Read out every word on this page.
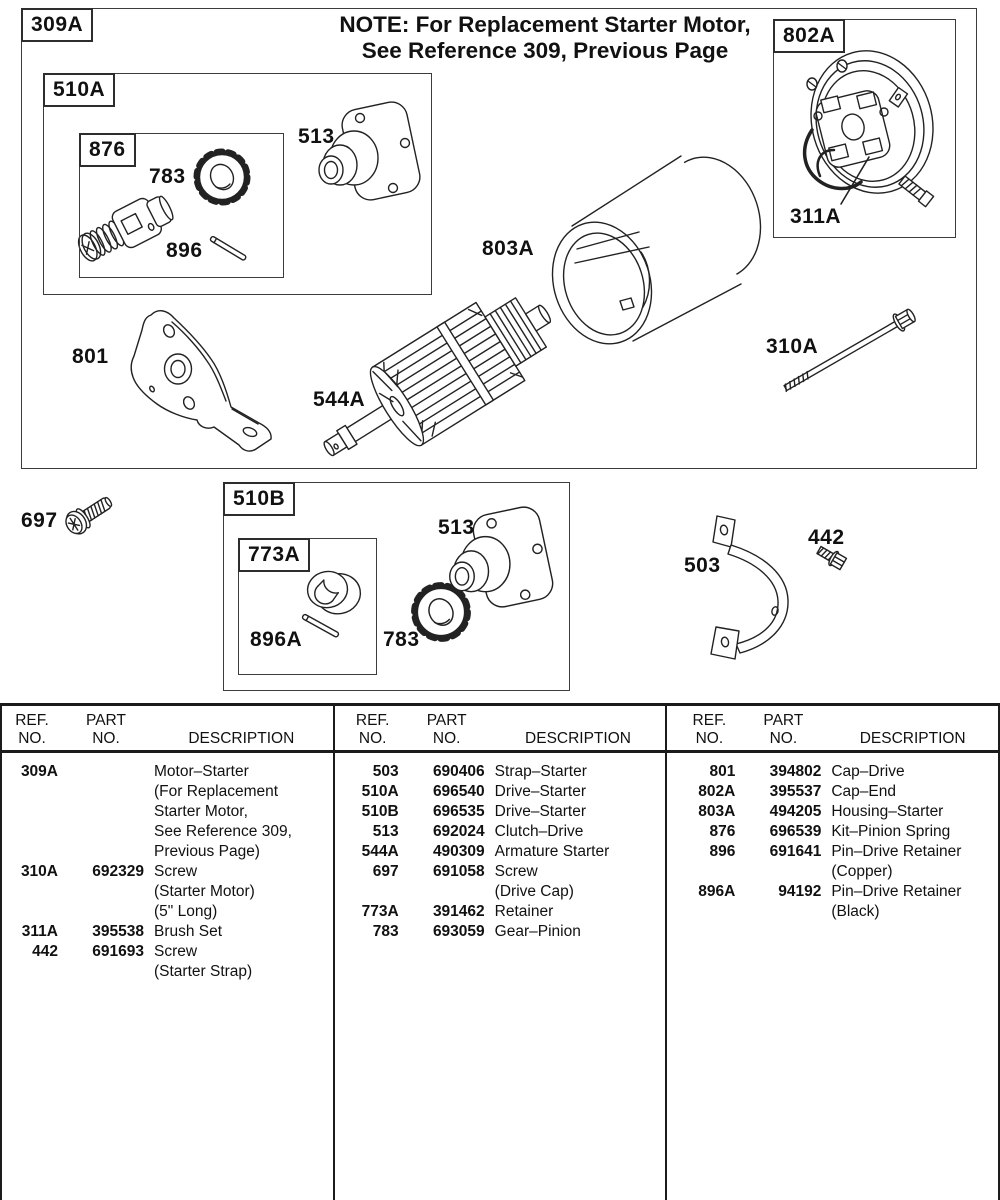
NOTE: For Replacement Starter Motor,
See Reference 309, Previous Page
309A
510A
876
802A
510B
773A
783
896
513
803A
311A
801
544A
310A
697
896A	783
513
503
442
REF.
NO.
PART
NO.	DESCRIPTION
309A	Motor–Starter
(For Replacement
Starter Motor,
See Reference 309,
Previous Page)
310A	692329 Screw
(Starter Motor)
(5" Long)
311A	395538 Brush Set
442	691693 Screw
(Starter Strap)
REF.
NO.
PART
NO.	DESCRIPTION
503	690406 Strap–Starter
510A	696540 Drive–Starter
510B	696535 Drive–Starter
513	692024 Clutch–Drive
544A	490309 Armature Starter
697	691058 Screw
(Drive Cap)
773A	391462 Retainer
783	693059 Gear–Pinion
REF.
NO.
PART
NO.	DESCRIPTION
801	394802 Cap–Drive
802A	395537 Cap–End
803A	494205 Housing–Starter
876	696539 Kit–Pinion Spring
896	691641 Pin–Drive Retainer
(Copper)
896A	94192 Pin–Drive Retainer
(Black)
